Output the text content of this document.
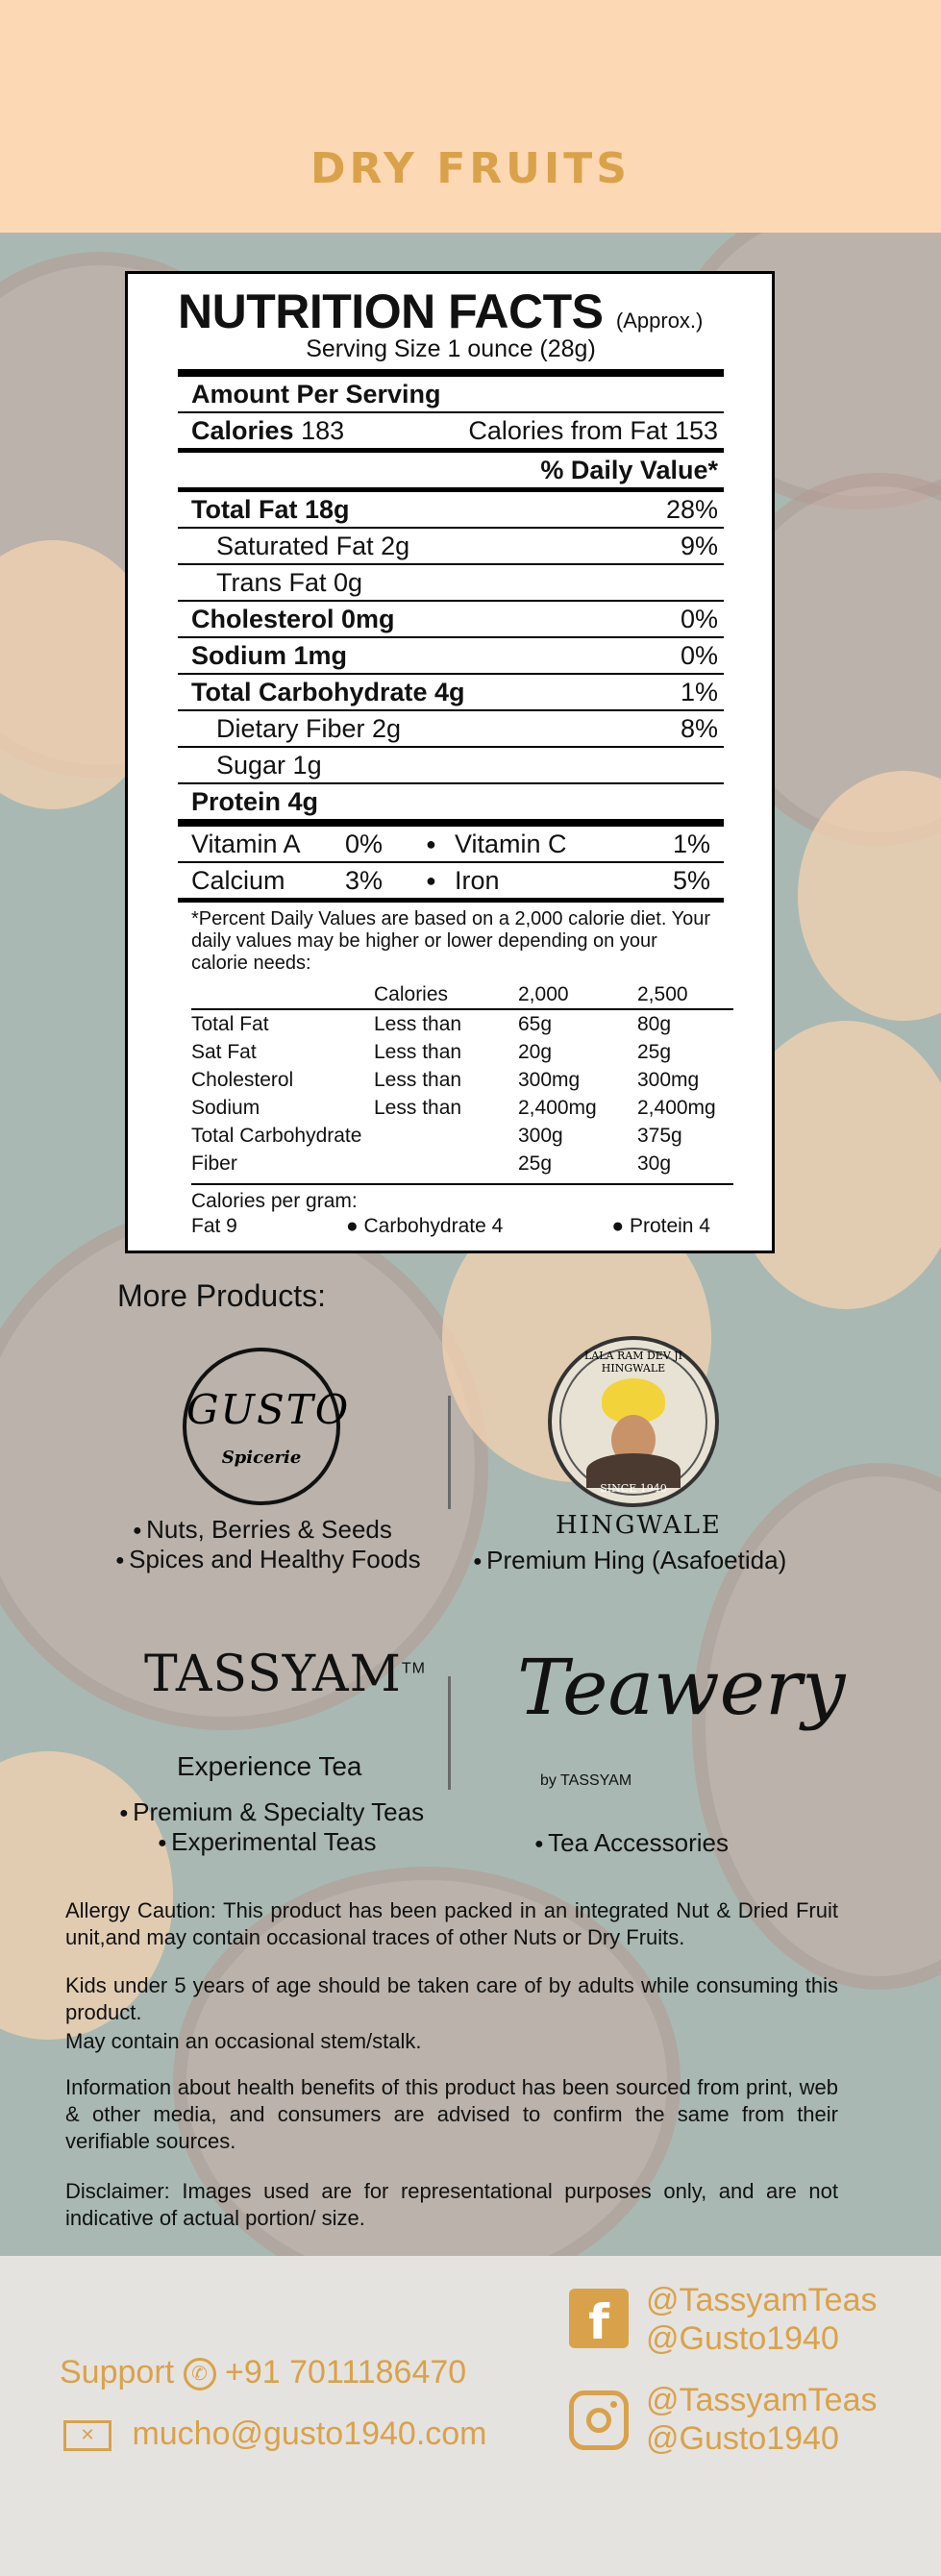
DRY FRUITS
NUTRITION FACTS (Approx.)
Serving Size 1 ounce (28g)
Amount Per Serving
Calories 183	Calories from Fat 153
% Daily Value*
Total Fat 18g	28%
Saturated Fat 2g	9%
Trans Fat 0g
Cholesterol 0mg	0%
Sodium 1mg	0%
Total Carbohydrate 4g	1%
Dietary Fiber 2g	8%
Sugar 1g
Protein 4g
Vitamin A	0%	● Vitamin C	1%
Calcium	3%	● Iron	5%
*Percent Daily Values are based on a 2,000 calorie diet. Your daily values may be higher or lower depending on your calorie needs:
	Calories	2,000	2,500
Total Fat	Less than	65g	80g
Sat Fat	Less than	20g	25g
Cholesterol	Less than	300mg	300mg
Sodium	Less than	2,400mg	2,400mg
Total Carbohydrate		300g	375g
Fiber		25g	30g
Calories per gram:
Fat 9	● Carbohydrate 4	● Protein 4
More Products:
GUSTO
Spicerie
● Nuts, Berries & Seeds
● Spices and Healthy Foods
LALA RAM DEV JI HINGWALE
SINCE 1940
HINGWALE
● Premium Hing (Asafoetida)
TASSYAM™
Experience Tea
● Premium & Specialty Teas
● Experimental Teas
Teawery
by TASSYAM
● Tea Accessories
Allergy Caution: This product has been packed in an integrated Nut & Dried Fruit unit,and may contain occasional traces of other Nuts or Dry Fruits.
Kids under 5 years of age should be taken care of by adults while consuming this product.
May contain an occasional stem/stalk.
Information about health benefits of this product has been sourced from print, web & other media, and consumers are advised to confirm the same from their verifiable sources.
Disclaimer: Images used are for representational purposes only, and are not indicative of actual portion/ size.
Support ✆ +91 7011186470
✕ mucho@gusto1940.com
f	@TassyamTeas
@Gusto1940
@TassyamTeas
@Gusto1940
